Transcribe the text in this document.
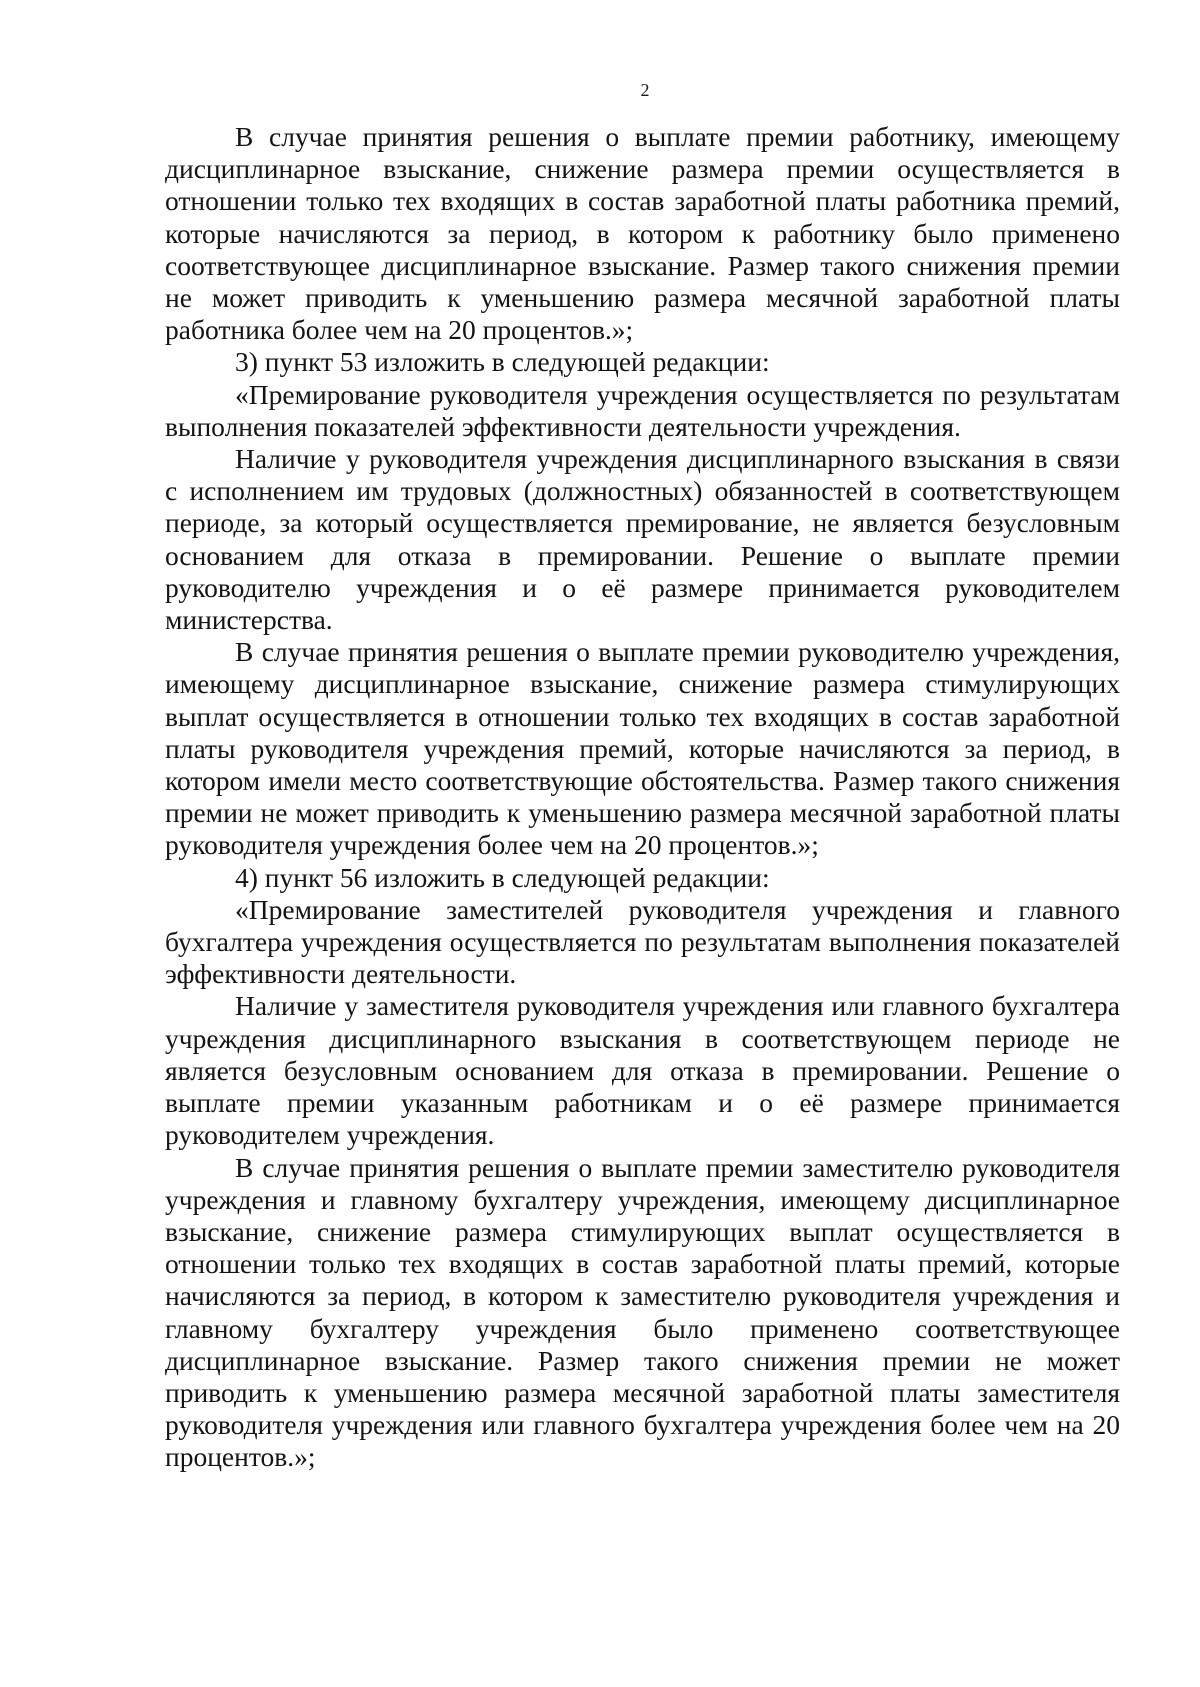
2

В случае принятия решения о выплате премии работнику, имеющему дисциплинарное взыскание, снижение размера премии осуществляется в отношении только тех входящих в состав заработной платы работника премий, которые начисляются за период, в котором к работнику было применено соответствующее дисциплинарное взыскание. Размер такого снижения премии не может приводить к уменьшению размера месячной заработной платы работника более чем на 20 процентов.»;

3) пункт 53 изложить в следующей редакции:

«Премирование руководителя учреждения осуществляется по результатам выполнения показателей эффективности деятельности учреждения.

Наличие у руководителя учреждения дисциплинарного взыскания в связи с исполнением им трудовых (должностных) обязанностей в соответствующем периоде, за который осуществляется премирование, не является безусловным основанием для отказа в премировании. Решение о выплате премии руководителю учреждения и о её размере принимается руководителем министерства.

В случае принятия решения о выплате премии руководителю учреждения, имеющему дисциплинарное взыскание, снижение размера стимулирующих выплат осуществляется в отношении только тех входящих в состав заработной платы руководителя учреждения премий, которые начисляются за период, в котором имели место соответствующие обстоятельства. Размер такого снижения премии не может приводить к уменьшению размера месячной заработной платы руководителя учреждения более чем на 20 процентов.»;

4) пункт 56 изложить в следующей редакции:

«Премирование заместителей руководителя учреждения и главного бухгалтера учреждения осуществляется по результатам выполнения показателей эффективности деятельности.

Наличие у заместителя руководителя учреждения или главного бухгалтера учреждения дисциплинарного взыскания в соответствующем периоде не является безусловным основанием для отказа в премировании. Решение о выплате премии указанным работникам и о её размере принимается руководителем учреждения.

В случае принятия решения о выплате премии заместителю руководителя учреждения и главному бухгалтеру учреждения, имеющему дисциплинарное взыскание, снижение размера стимулирующих выплат осуществляется в отношении только тех входящих в состав заработной платы премий, которые начисляются за период, в котором к заместителю руководителя учреждения и главному бухгалтеру учреждения было применено соответствующее дисциплинарное взыскание. Размер такого снижения премии не может приводить к уменьшению размера месячной заработной платы заместителя руководителя учреждения или главного бухгалтера учреждения более чем на 20 процентов.»;
